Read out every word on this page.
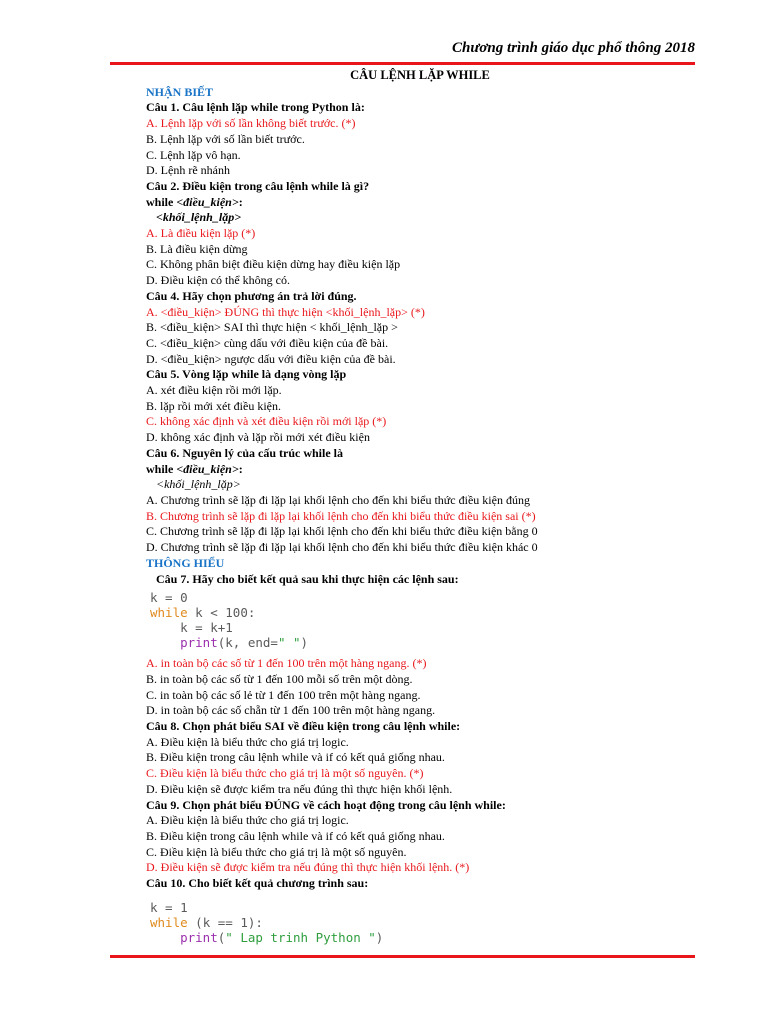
Chương trình giáo dục phổ thông 2018
CÂU LỆNH LẶP WHILE
NHẬN BIẾT
Câu 1. Câu lệnh lặp while trong Python là:
A. Lệnh lặp với số lần không biết trước. (*)
B. Lệnh lặp với số lần biết trước.
C. Lệnh lặp vô hạn.
D. Lệnh rẽ nhánh
Câu 2. Điều kiện trong câu lệnh while là gì?
while <điều_kiện>:
<khối_lệnh_lặp>
A. Là điều kiện lặp (*)
B. Là điều kiện dừng
C. Không phân biệt điều kiện dừng hay điều kiện lặp
D. Điều kiện có thể không có.
Câu 4. Hãy chọn phương án trả lời đúng.
A. <điều_kiện> ĐÚNG thì thực hiện <khối_lệnh_lặp> (*)
B. <điều_kiện> SAI thì thực hiện < khối_lệnh_lặp >
C. <điều_kiện> cùng dấu với điều kiện của đề bài.
D. <điều_kiện> ngược dấu với điều kiện của đề bài.
Câu 5. Vòng lặp while là dạng vòng lặp
A. xét điều kiện rồi mới lặp.
B. lặp rồi mới xét điều kiện.
C. không xác định và xét điều kiện rồi mới lặp (*)
D. không xác định và lặp rồi mới xét điều kiện
Câu 6. Nguyên lý của cấu trúc while là
while <điều_kiện>:
<khối_lệnh_lặp>
A. Chương trình sẽ lặp đi lặp lại khối lệnh cho đến khi biểu thức điều kiện đúng
B. Chương trình sẽ lặp đi lặp lại khối lệnh cho đến khi biểu thức điều kiện sai (*)
C. Chương trình sẽ lặp đi lặp lại khối lệnh cho đến khi biểu thức điều kiện bằng 0
D. Chương trình sẽ lặp đi lặp lại khối lệnh cho đến khi biểu thức điều kiện khác 0
THÔNG HIỂU
Câu 7. Hãy cho biết kết quả sau khi thực hiện các lệnh sau:
k = 0
while k < 100:
k = k+1
print(k, end=" ")
A. in toàn bộ các số từ 1 đến 100 trên một hàng ngang. (*)
B. in toàn bộ các số từ 1 đến 100 mỗi số trên một dòng.
C. in toàn bộ các số lẻ từ 1 đến 100 trên một hàng ngang.
D. in toàn bộ các số chẵn từ 1 đến 100 trên một hàng ngang.
Câu 8. Chọn phát biểu SAI về điều kiện trong câu lệnh while:
A. Điều kiện là biểu thức cho giá trị logic.
B. Điều kiện trong câu lệnh while và if có kết quả giống nhau.
C. Điều kiện là biểu thức cho giá trị là một số nguyên. (*)
D. Điều kiện sẽ được kiểm tra nếu đúng thì thực hiện khối lệnh.
Câu 9. Chọn phát biểu ĐÚNG về cách hoạt động trong câu lệnh while:
A. Điều kiện là biểu thức cho giá trị logic.
B. Điều kiện trong câu lệnh while và if có kết quả giống nhau.
C. Điều kiện là biểu thức cho giá trị là một số nguyên.
D. Điều kiện sẽ được kiểm tra nếu đúng thì thực hiện khối lệnh. (*)
Câu 10. Cho biết kết quả chương trình sau:
k = 1
while (k == 1):
print(" Lap trinh Python ")
